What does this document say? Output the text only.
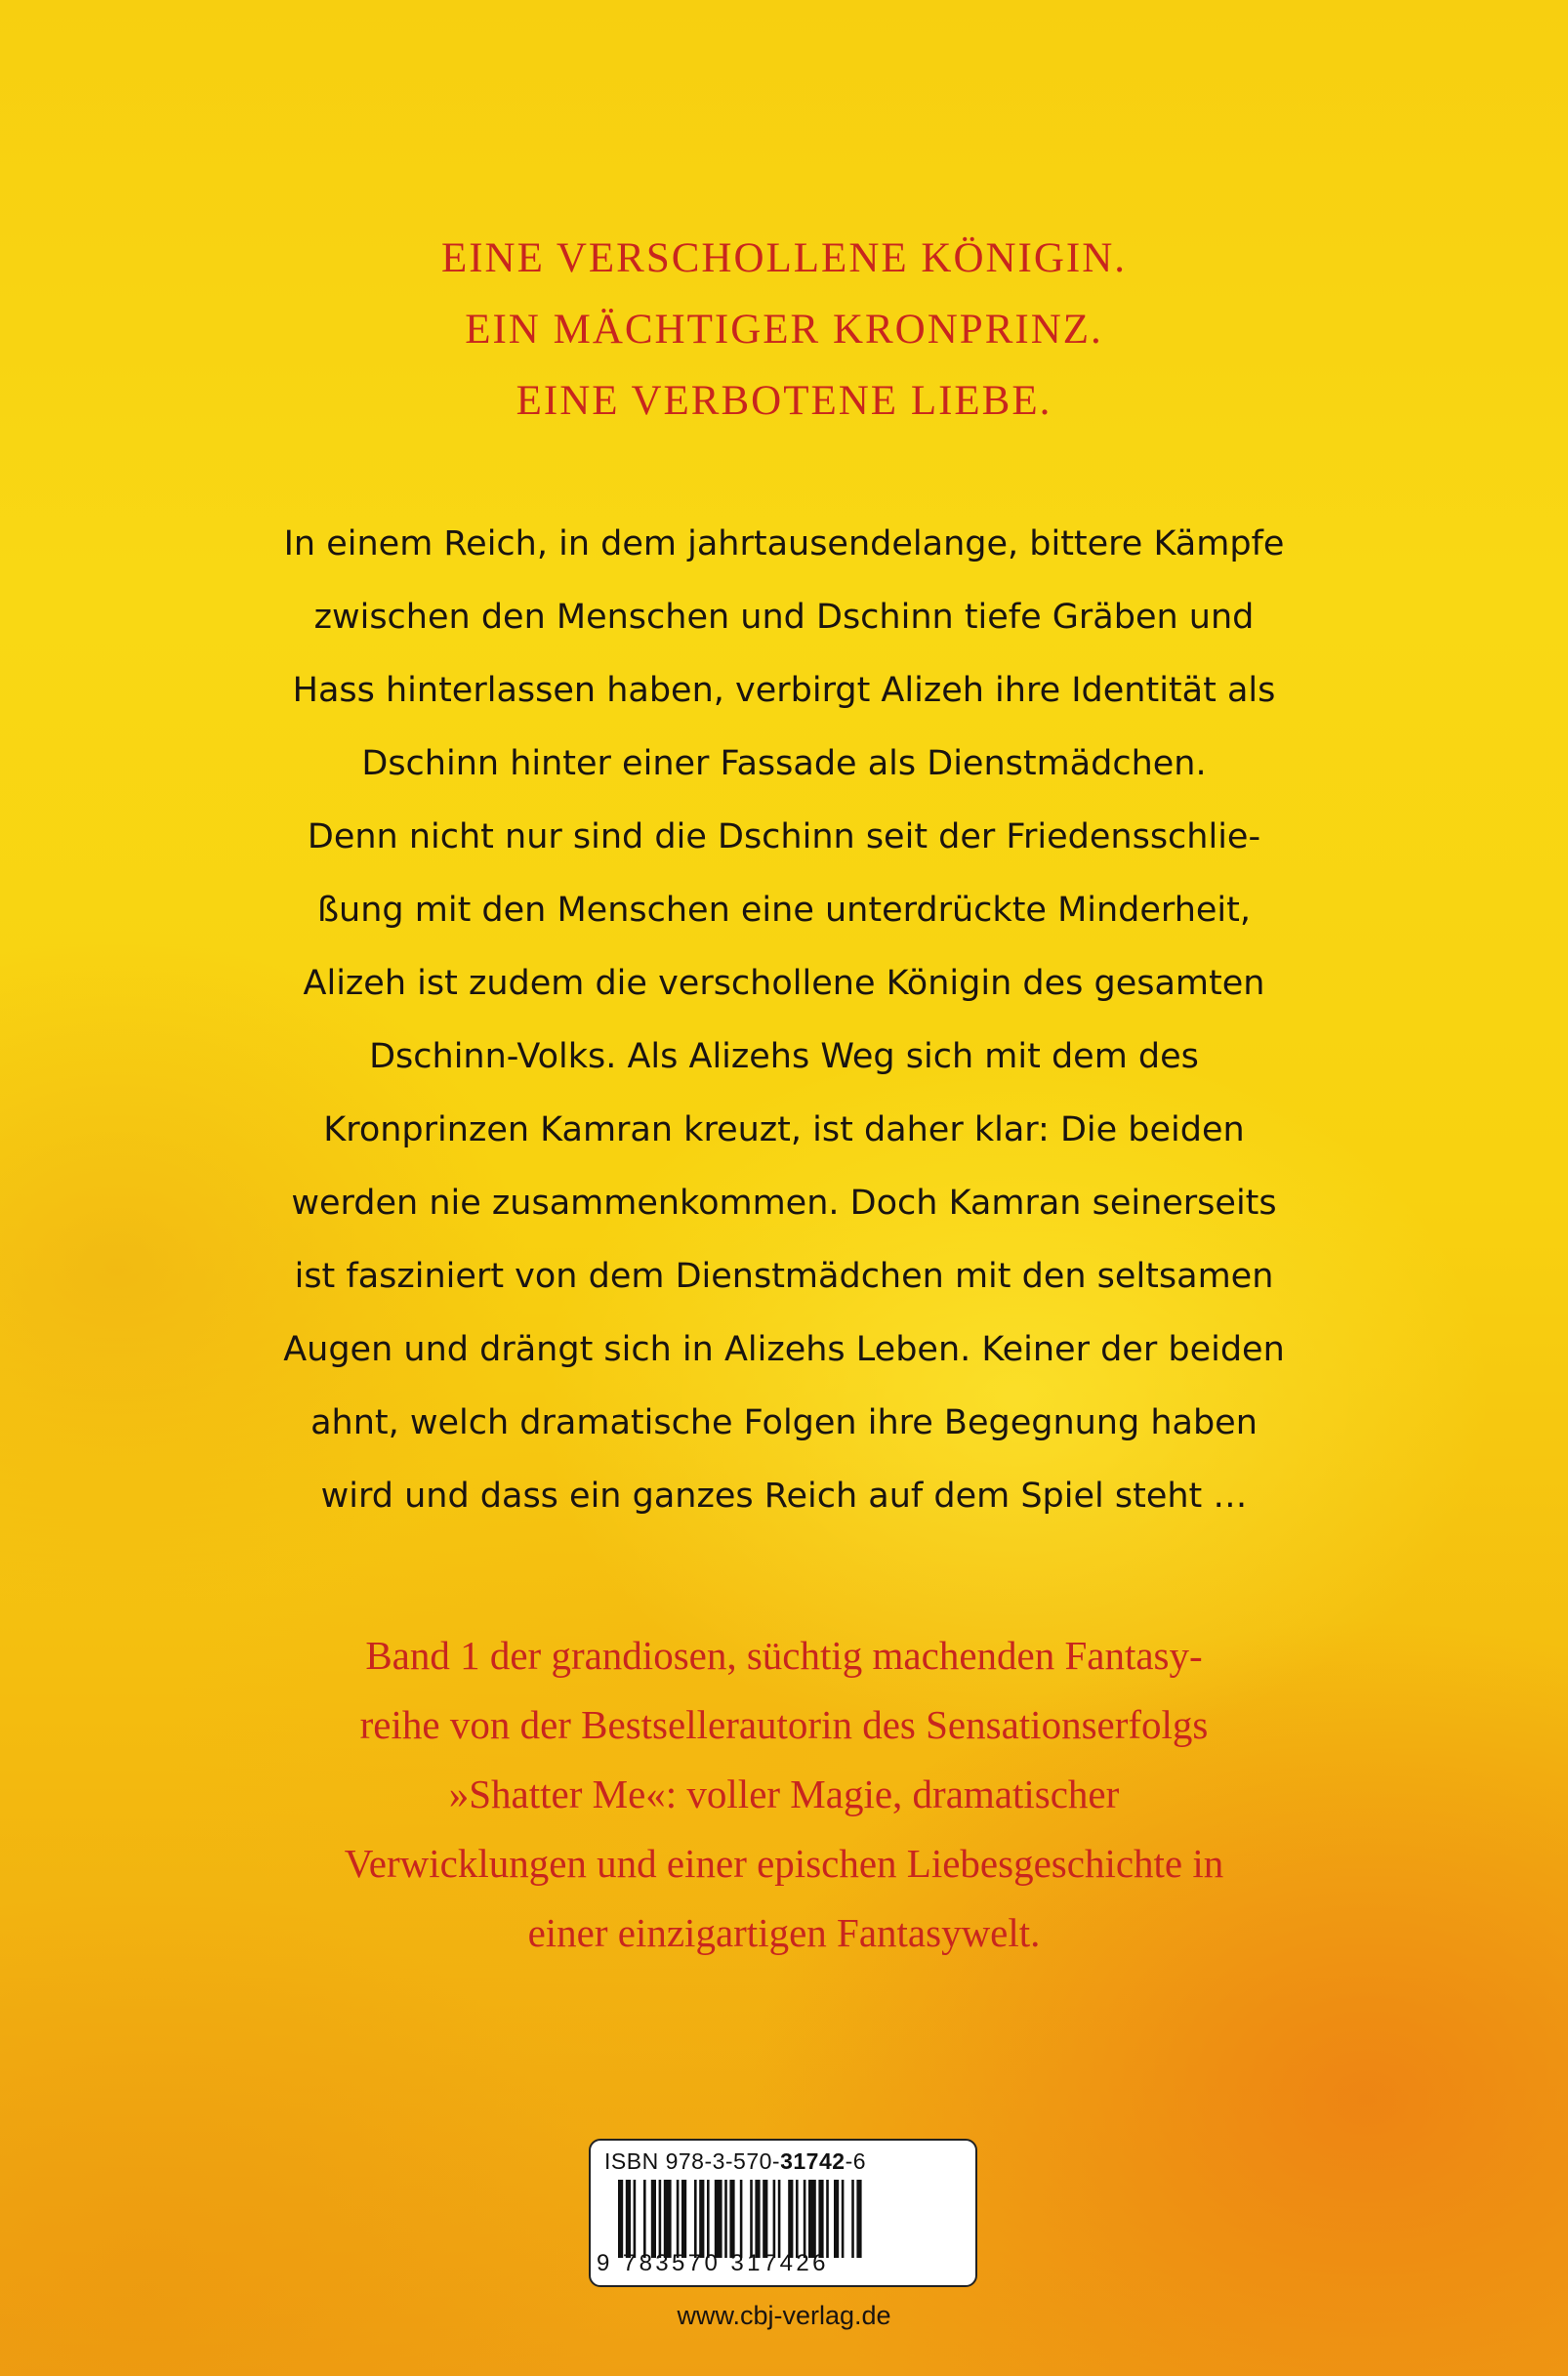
EINE VERSCHOLLENE KÖNIGIN.
EIN MÄCHTIGER KRONPRINZ.
EINE VERBOTENE LIEBE.
In einem Reich, in dem jahrtausendelange, bittere Kämpfe
zwischen den Menschen und Dschinn tiefe Gräben und
Hass hinterlassen haben, verbirgt Alizeh ihre Identität als
Dschinn hinter einer Fassade als Dienstmädchen.
Denn nicht nur sind die Dschinn seit der Friedensschlie-
ßung mit den Menschen eine unterdrückte Minderheit,
Alizeh ist zudem die verschollene Königin des gesamten
Dschinn-Volks. Als Alizehs Weg sich mit dem des
Kronprinzen Kamran kreuzt, ist daher klar: Die beiden
werden nie zusammenkommen. Doch Kamran seinerseits
ist fasziniert von dem Dienstmädchen mit den seltsamen
Augen und drängt sich in Alizehs Leben. Keiner der beiden
ahnt, welch dramatische Folgen ihre Begegnung haben
wird und dass ein ganzes Reich auf dem Spiel steht …
Band 1 der grandiosen, süchtig machenden Fantasy-
reihe von der Bestsellerautorin des Sensationserfolgs
»Shatter Me«: voller Magie, dramatischer
Verwicklungen und einer epischen Liebesgeschichte in
einer einzigartigen Fantasywelt.
ISBN 978-3-570-31742-6
9 783570 317426
www.cbj-verlag.de
